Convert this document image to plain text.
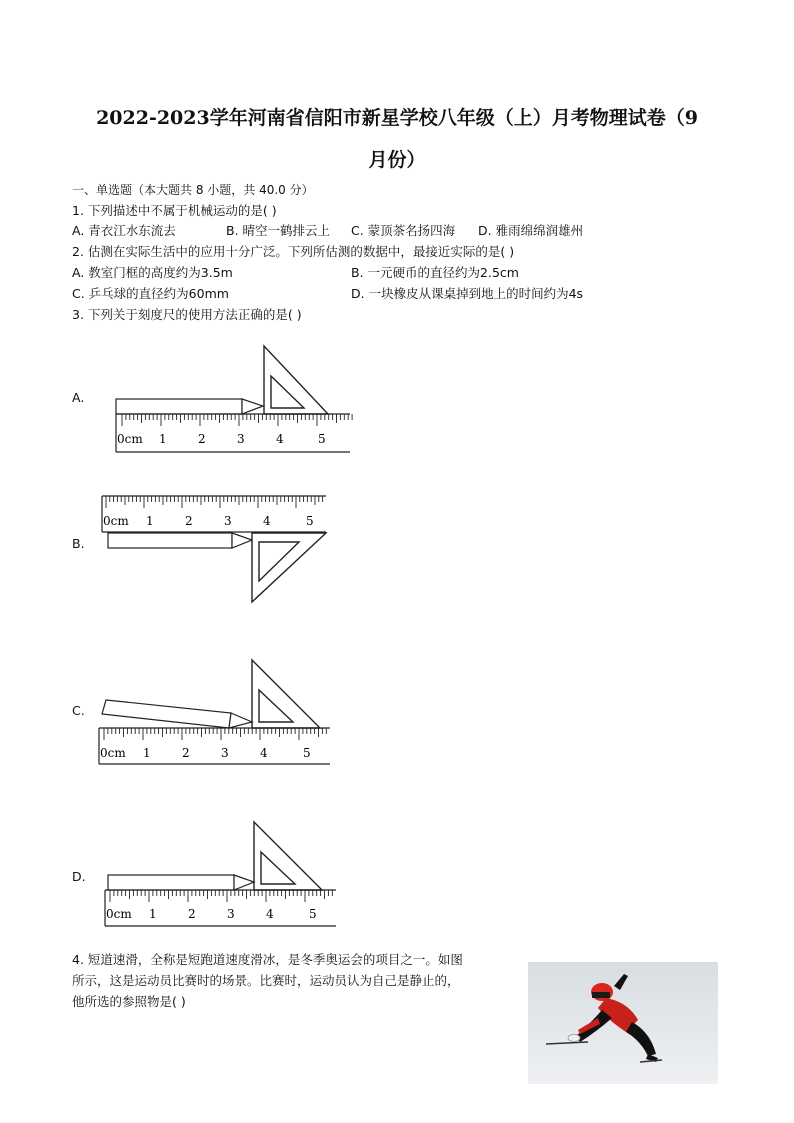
2022-2023学年河南省信阳市新星学校八年级（上）月考物理试卷（9
月份）
一、单选题（本大题共 8 小题，共 40.0 分）
1. 下列描述中不属于机械运动的是( )
A. 青衣江水东流去	B. 晴空一鹤排云上 C. 蒙顶茶名扬四海 D. 雅雨绵绵润雄州
2. 估测在实际生活中的应用十分广泛。下列所估测的数据中，最接近实际的是( )
A. 教室门框的高度约为3.5m	B. 一元硬币的直径约为2.5cm
C. 乒乓球的直径约为60mm	D. 一块橡皮从课桌掉到地上的时间约为4s
3. 下列关于刻度尺的使用方法正确的是( )
A.
B.
C.
D.
0cm 1	2	3	4	5
0cm 1	2	3	4	5
0cm 1	2	3	4	5
0cm 1	2	3	4	5
4. 短道速滑，全称是短跑道速度滑冰，是冬季奥运会的项目之一。如图
所示，这是运动员比赛时的场景。比赛时，运动员认为自己是静止的，
他所选的参照物是( )
